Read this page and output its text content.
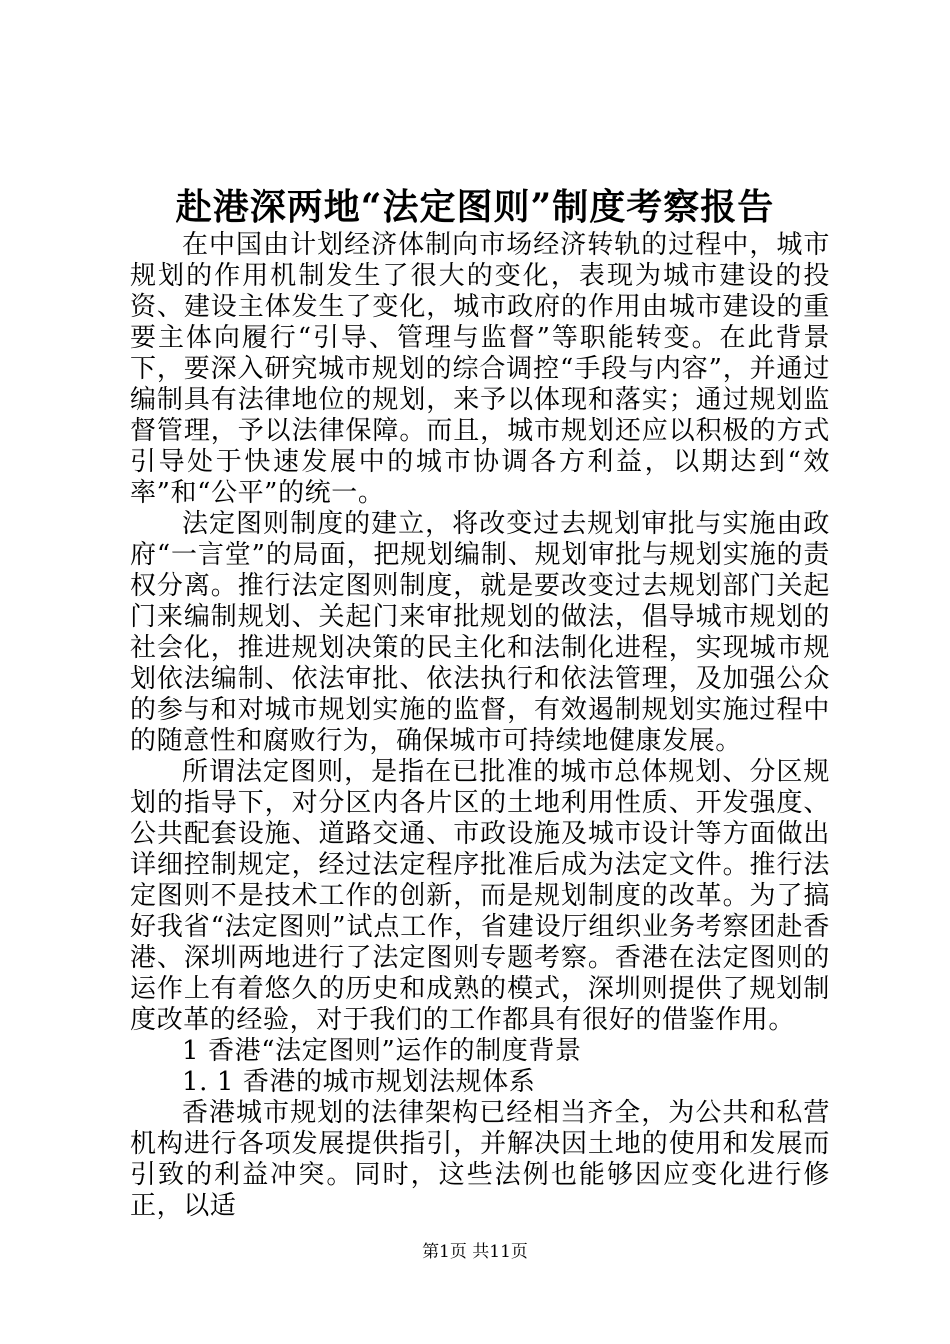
赴港深两地“法定图则”制度考察报告

在中国由计划经济体制向市场经济转轨的过程中，城市规划的作用机制发生了很大的变化，表现为城市建设的投资、建设主体发生了变化，城市政府的作用由城市建设的重要主体向履行“引导、管理与监督”等职能转变。在此背景下，要深入研究城市规划的综合调控“手段与内容”，并通过编制具有法律地位的规划，来予以体现和落实；通过规划监督管理，予以法律保障。而且，城市规划还应以积极的方式引导处于快速发展中的城市协调各方利益，以期达到“效率”和“公平”的统一。

法定图则制度的建立，将改变过去规划审批与实施由政府“一言堂”的局面，把规划编制、规划审批与规划实施的责权分离。推行法定图则制度，就是要改变过去规划部门关起门来编制规划、关起门来审批规划的做法，倡导城市规划的社会化，推进规划决策的民主化和法制化进程，实现城市规划依法编制、依法审批、依法执行和依法管理，及加强公众的参与和对城市规划实施的监督，有效遏制规划实施过程中的随意性和腐败行为，确保城市可持续地健康发展。

所谓法定图则，是指在已批准的城市总体规划、分区规划的指导下，对分区内各片区的土地利用性质、开发强度、公共配套设施、道路交通、市政设施及城市设计等方面做出详细控制规定，经过法定程序批准后成为法定文件。推行法定图则不是技术工作的创新，而是规划制度的改革。为了搞好我省“法定图则”试点工作，省建设厅组织业务考察团赴香港、深圳两地进行了法定图则专题考察。香港在法定图则的运作上有着悠久的历史和成熟的模式，深圳则提供了规划制度改革的经验，对于我们的工作都具有很好的借鉴作用。

1 香港“法定图则”运作的制度背景

1. 1 香港的城市规划法规体系

香港城市规划的法律架构已经相当齐全，为公共和私营机构进行各项发展提供指引，并解决因土地的使用和发展而引致的利益冲突。同时，这些法例也能够因应变化进行修正，以适

第1页 共11页
